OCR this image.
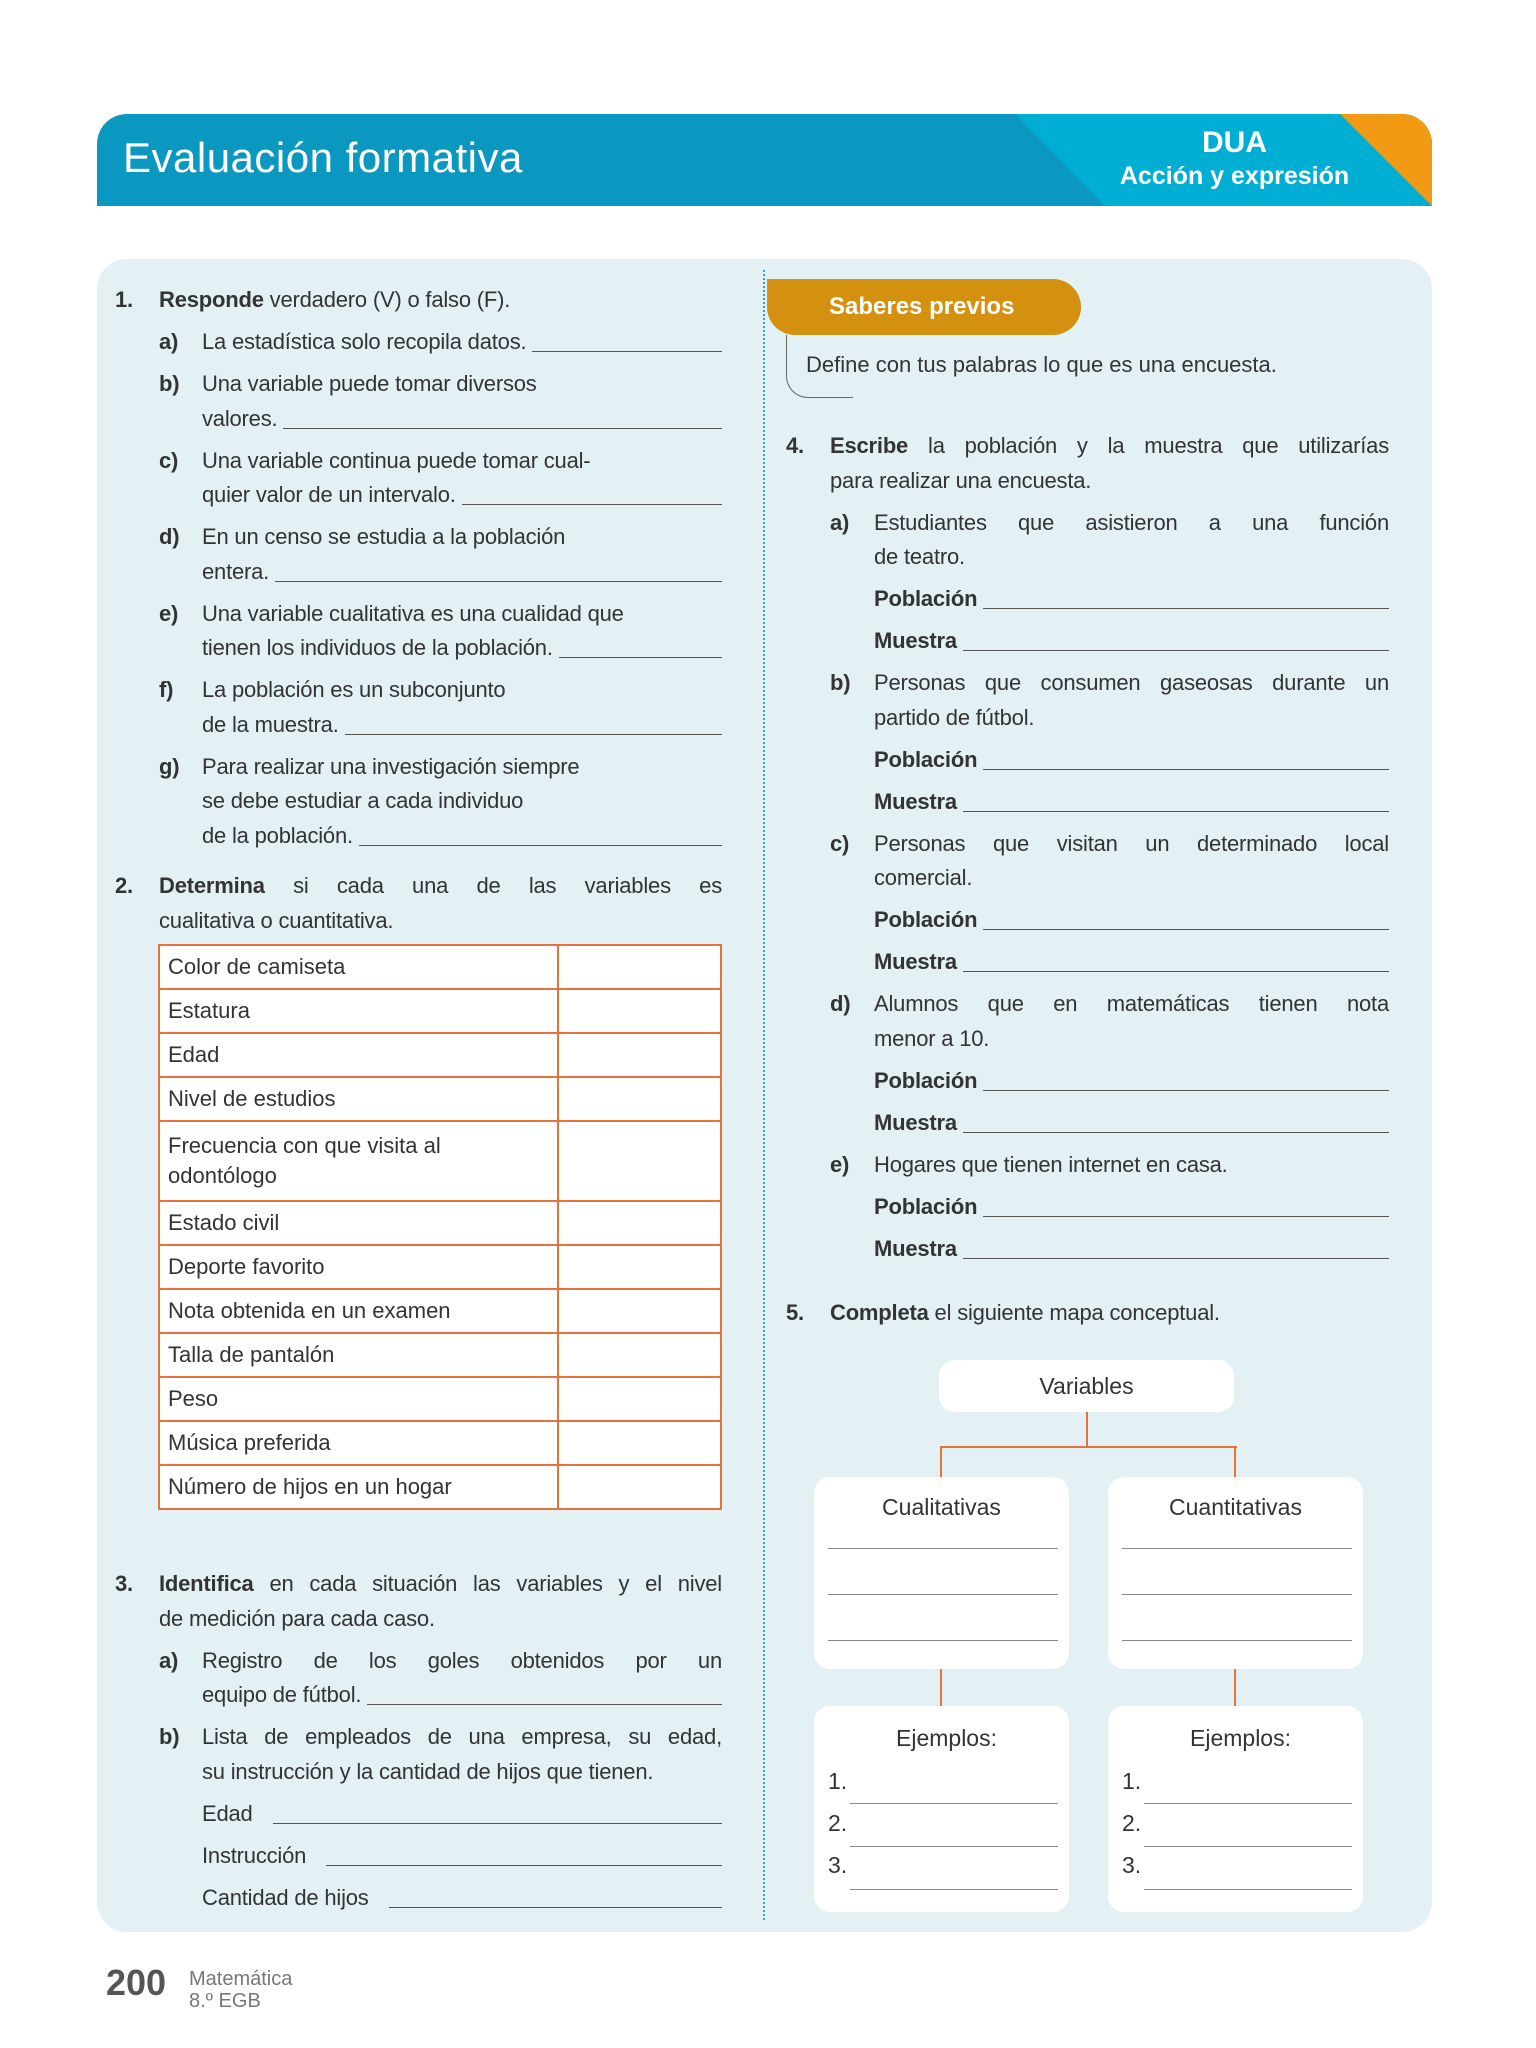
Evaluación formativa	DUA
Acción y expresión
1. Responde verdadero (V) o falso (F).
a) La estadística solo recopila datos.
b) Una variable puede tomar diversos
valores.
c) Una variable continua puede tomar cual-
quier valor de un intervalo.
d) En un censo se estudia a la población
entera.
e) Una variable cualitativa es una cualidad que
tienen los individuos de la población.
f) La población es un subconjunto
de la muestra.
g) Para realizar una investigación siempre
se debe estudiar a cada individuo
de la población.
2. Determina si cada una de las variables es
cualitativa o cuantitativa.
Color de camiseta	
Estatura	
Edad	
Nivel de estudios	
Frecuencia con que visita al odontólogo	
Estado civil	
Deporte favorito	
Nota obtenida en un examen	
Talla de pantalón	
Peso	
Música preferida	
Número de hijos en un hogar	
3. Identifica en cada situación las variables y el nivel
de medición para cada caso.
a) Registro de los goles obtenidos por un
equipo de fútbol.
b) Lista de empleados de una empresa, su edad,
su instrucción y la cantidad de hijos que tienen.
Edad
Instrucción
Cantidad de hijos
Saberes previos
Define con tus palabras lo que es una encuesta.
4. Escribe la población y la muestra que utilizarías
para realizar una encuesta.
a) Estudiantes que asistieron a una función
de teatro.
Población
Muestra
b) Personas que consumen gaseosas durante un
partido de fútbol.
Población
Muestra
c) Personas que visitan un determinado local
comercial.
Población
Muestra
d) Alumnos que en matemáticas tienen nota
menor a 10.
Población
Muestra
e) Hogares que tienen internet en casa.
Población
Muestra
5. Completa el siguiente mapa conceptual.
Variables
Cualitativas
Ejemplos:
1.
2.
3.
Cuantitativas
Ejemplos:
1.
2.
3.
200 Matemática
8.º EGB
